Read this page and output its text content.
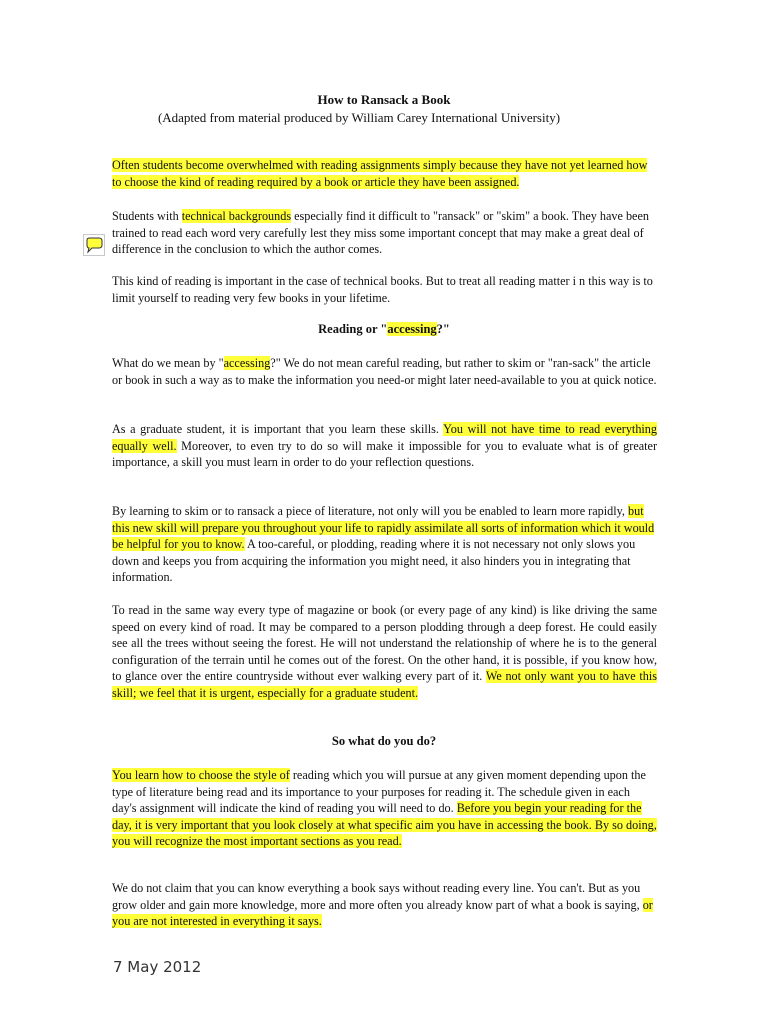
How to Ransack a Book
(Adapted from material produced by William Carey International University)

Often students become overwhelmed with reading assignments simply because they have not yet learned how to choose the kind of reading required by a book or article they have been assigned.

Students with technical backgrounds especially find it difficult to "ransack" or "skim" a book. They have been trained to read each word very carefully lest they miss some important concept that may make a great deal of difference in the conclusion to which the author comes.

This kind of reading is important in the case of technical books. But to treat all reading matter i n this way is to limit yourself to reading very few books in your lifetime.

Reading or "accessing?"

What do we mean by "accessing?" We do not mean careful reading, but rather to skim or "ran-sack" the article or book in such a way as to make the information you need-or might later need-available to you at quick notice.

As a graduate student, it is important that you learn these skills. You will not have time to read everything equally well. Moreover, to even try to do so will make it impossible for you to evaluate what is of greater importance, a skill you must learn in order to do your reflection questions.

By learning to skim or to ransack a piece of literature, not only will you be enabled to learn more rapidly, but this new skill will prepare you throughout your life to rapidly assimilate all sorts of information which it would be helpful for you to know. A too-careful, or plodding, reading where it is not necessary not only slows you down and keeps you from acquiring the information you might need, it also hinders you in integrating that information.

To read in the same way every type of magazine or book (or every page of any kind) is like driving the same speed on every kind of road. It may be compared to a person plodding through a deep forest. He could easily see all the trees without seeing the forest. He will not understand the relationship of where he is to the general configuration of the terrain until he comes out of the forest. On the other hand, it is possible, if you know how, to glance over the entire countryside without ever walking every part of it. We not only want you to have this skill; we feel that it is urgent, especially for a graduate student.

So what do you do?

You learn how to choose the style of reading which you will pursue at any given moment depending upon the type of literature being read and its importance to your purposes for reading it. The schedule given in each day's assignment will indicate the kind of reading you will need to do. Before you begin your reading for the day, it is very important that you look closely at what specific aim you have in accessing the book. By so doing, you will recognize the most important sections as you read.

We do not claim that you can know everything a book says without reading every line. You can't. But as you grow older and gain more knowledge, more and more often you already know part of what a book is saying, or you are not interested in everything it says.

7 May 2012
